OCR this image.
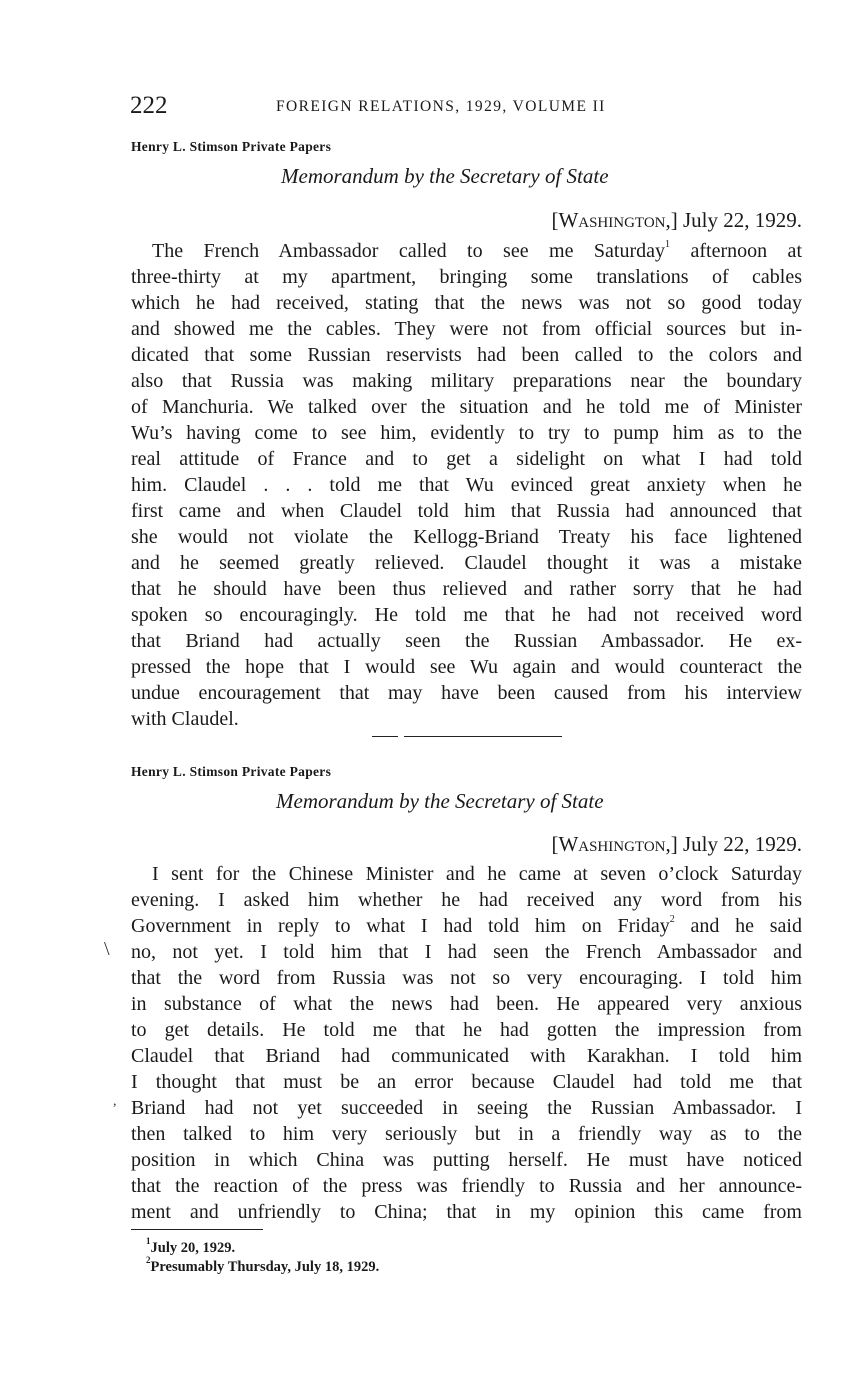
222	FOREIGN RELATIONS, 1929, VOLUME II
Henry L. Stimson Private Papers
Memorandum by the Secretary of State
[Washington,] July 22, 1929.
The French Ambassador called to see me Saturday$^1$ afternoon at
three-thirty at my apartment, bringing some translations of cables
which he had received, stating that the news was not so good today
and showed me the cables. They were not from official sources but in-
dicated that some Russian reservists had been called to the colors and
also that Russia was making military preparations near the boundary
of Manchuria. We talked over the situation and he told me of Minister
Wu’s having come to see him, evidently to try to pump him as to the
real attitude of France and to get a sidelight on what I had told
him. Claudel . . . told me that Wu evinced great anxiety when he
first came and when Claudel told him that Russia had announced that
she would not violate the Kellogg-Briand Treaty his face lightened
and he seemed greatly relieved. Claudel thought it was a mistake
that he should have been thus relieved and rather sorry that he had
spoken so encouragingly. He told me that he had not received word
that Briand had actually seen the Russian Ambassador. He ex-
pressed the hope that I would see Wu again and would counteract the
undue encouragement that may have been caused from his interview
with Claudel.
Henry L. Stimson Private Papers
Memorandum by the Secretary of State
[Washington,] July 22, 1929.
\
,
I sent for the Chinese Minister and he came at seven o’clock Saturday
evening. I asked him whether he had received any word from his
Government in reply to what I had told him on Friday$^2$ and he said
no, not yet. I told him that I had seen the French Ambassador and
that the word from Russia was not so very encouraging. I told him
in substance of what the news had been. He appeared very anxious
to get details. He told me that he had gotten the impression from
Claudel that Briand had communicated with Karakhan. I told him
I thought that must be an error because Claudel had told me that
Briand had not yet succeeded in seeing the Russian Ambassador. I
then talked to him very seriously but in a friendly way as to the
position in which China was putting herself. He must have noticed
that the reaction of the press was friendly to Russia and her announce-
ment and unfriendly to China; that in my opinion this came from
$^1$July 20, 1929.
$^2$Presumably Thursday, July 18, 1929.
